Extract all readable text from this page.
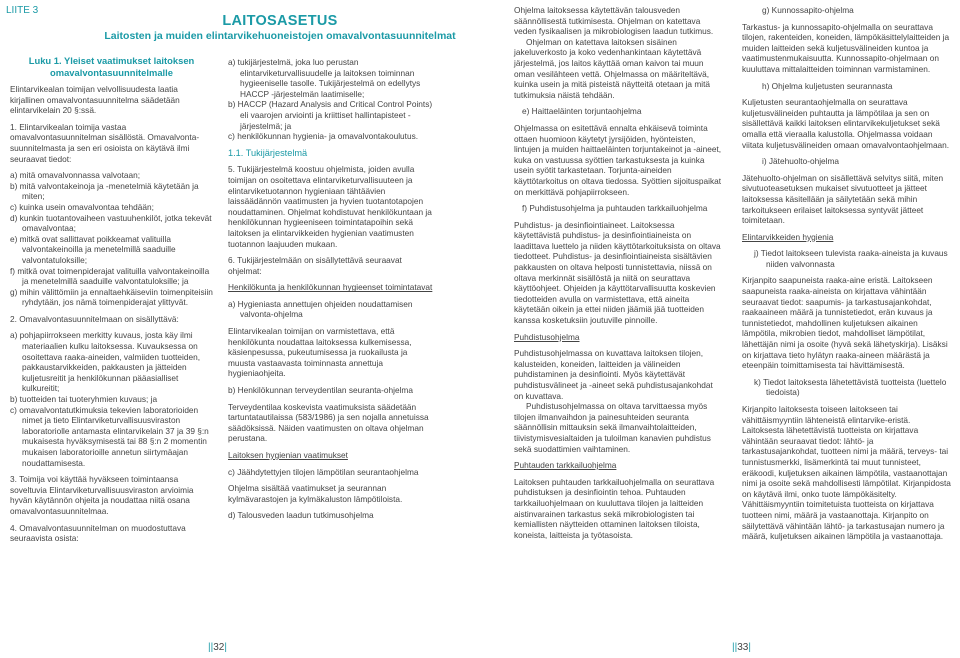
LIITE 3
LAITOSASETUS
Laitosten ja muiden elintarvikehuoneistojen omavalvontasuunnitelmat

Luku 1. Yleiset vaatimukset laitoksen omavalvontasuunnitelmalle

Elintarvikealan toimijan velvollisuudesta laatia kirjallinen omavalvontasuunnitelma säädetään elintarvikelain 20 §:ssä.

1. Elintarvikealan toimija vastaa omavalvontasuunnitelman sisällöstä. Omavalvonta-suunnitelmasta ja sen eri osioista on käytävä ilmi seuraavat tiedot:

a) mitä omavalvonnassa valvotaan;

b) mitä valvontakeinoja ja -menetelmiä käytetään ja miten;

c) kuinka usein omavalvontaa tehdään;

d) kunkin tuotantovaiheen vastuuhenkilöt, jotka tekevät omavalvontaa;

e) mitkä ovat sallittavat poikkeamat valituilla valvontakeinoilla ja menetelmillä saaduille valvontatuloksille;

f) mitkä ovat toimenpiderajat valituilla valvontakeinoilla ja menetelmillä saaduille valvontatuloksille; ja

g) mihin välittömiin ja ennaltaehkäiseviin toimenpiteisiin ryhdytään, jos nämä toimenpiderajat ylittyvät.

2. Omavalvontasuunnitelmaan on sisällyttävä:

a) pohjapiirrokseen merkitty kuvaus, josta käy ilmi materiaalien kulku laitoksessa. Kuvauksessa on osoitettava raaka-aineiden, valmiiden tuotteiden, pakkaustarvikkeiden, pakkausten ja jätteiden kuljetusreitit ja henkilökunnan pääasialliset kulkureitit;

b) tuotteiden tai tuoteryhmien kuvaus; ja

c) omavalvontatutkimuksia tekevien laboratorioiden nimet ja tieto Elintarviketurvallisuusviraston laboratoriolle antamasta elintarvikelain 37 ja 39 §:n mukaisesta hyväksymisestä tai 88 §:n 2 momentin mukaisen laboratorioille annetun siirtymäajan noudattamisesta.

3. Toimija voi käyttää hyväkseen toimintaansa soveltuvia Elintarviketurvallisuusviraston arvioimia hyvän käytännön ohjeita ja noudattaa niitä osana omavalvontasuunnitelmaa.

4. Omavalvontasuunnitelman on muodostuttava seuraavista osista:

a) tukijärjestelmä, joka luo perustan elintarviketurvallisuudelle ja laitoksen toiminnan hygieeniselle tasolle. Tukijärjestelmä on edellytys HACCP -järjestelmän laatimiselle;

b) HACCP (Hazard Analysis and Critical Control Points) eli vaarojen arviointi ja kriittiset hallintapisteet -järjestelmä; ja

c) henkilökunnan hygienia- ja omavalvontakoulutus.

1.1. Tukijärjestelmä

5. Tukijärjestelmä koostuu ohjelmista, joiden avulla toimijan on osoitettava elintarviketurvallisuuteen ja elintarviketuotannon hygieniaan tähtäävien laissäädännön vaatimusten ja hyvien tuotantotapojen noudattaminen. Ohjelmat kohdistuvat henkilökuntaan ja henkilökunnan hygieeniseen toimintatapoihin sekä laitoksen ja elintarvikkeiden hygienian vaatimusten tuotannon laajuuden mukaan.

6. Tukijärjestelmään on sisällytettävä seuraavat ohjelmat:

Henkilökunta ja henkilökunnan hygieenset toimintatavat

a) Hygieniasta annettujen ohjeiden noudattamisen valvonta-ohjelma

Elintarvikealan toimijan on varmistettava, että henkilökunta noudattaa laitoksessa kulkemisessa, käsienpesussa, pukeutumisessa ja ruokailusta ja muusta vastaavasta toiminnasta annettuja hygieniaohjeita.

b) Henkilökunnan terveydentilan seuranta-ohjelma

Terveydentilaa koskevista vaatimuksista säädetään tartuntatautilaissa (583/1986) ja sen nojalla annetuissa säädöksissä. Näiden vaatimusten on oltava ohjelman perustana.

Laitoksen hygienian vaatimukset

c) Jäähdytettyjen tilojen lämpötilan seurantaohjelma

Ohjelma sisältää vaatimukset ja seurannan kylmävarastojen ja kylmäkaluston lämpötiloista.

d) Talousveden laadun tutkimusohjelma

Ohjelma laitoksessa käytettävän talousveden säännöllisestä tutkimisesta. Ohjelman on katettava veden fysikaalisen ja mikrobiologisen laadun tutkimus.

Ohjelman on katettava laitoksen sisäinen jakeluverkosto ja koko vedenhankintaan käytettävä järjestelmä, jos laitos käyttää oman kaivon tai muun oman vesilähteen vettä. Ohjelmassa on määriteltävä, kuinka usein ja mitä pisteistä näytteitä otetaan ja mitä tutkimuksia näistä tehdään.

e) Haittaeläinten torjuntaohjelma

Ohjelmassa on esitettävä ennalta ehkäisevä toiminta ottaen huomioon käytetyt jyrsijöiden, hyönteisten, lintujen ja muiden haittaeläinten torjuntakeinot ja -aineet, kuka on vastuussa syöttien tarkastuksesta ja kuinka usein syötit tarkastetaan. Torjunta-aineiden käyttötarkoitus on oltava tiedossa. Syöttien sijoituspaikat on merkittävä pohjapiirrokseen.

f) Puhdistusohjelma ja puhtauden tarkkailuohjelma

Puhdistus- ja desinfiointiaineet. Laitoksessa käytettävistä puhdistus- ja desinfiointiaineista on laadittava luettelo ja niiden käyttötarkoituksista on oltava tiedotteet. Puhdistus- ja desinfiointiaineista sisältävien pakkausten on oltava helposti tunnistettavia, niissä on oltava merkinnät sisällöstä ja niitä on seurattava käyttöohjeet. Ohjeiden ja käyttötarvallisuutta koskevien tiedotteiden avulla on varmistettava, että aineita käytetään oikein ja ettei niiden jäämiä jää tuotteiden kanssa kosketuksiin joutuville pinnoille.

Puhdistusohjelma

Puhdistusohjelmassa on kuvattava laitoksen tilojen, kalusteiden, koneiden, laitteiden ja välineiden puhdistaminen ja desinfiointi. Myös käytettävät puhdistusvälineet ja -aineet sekä puhdistusajankohdat on kuvattava.

Puhdistusohjelmassa on oltava tarvittaessa myös tilojen ilmanvaihdon ja painesuhteiden seuranta säännöllisin mittauksin sekä ilmanvaihtolaitteiden, tiivistymisvesialtaiden ja tuloilman kanavien puhdistus sekä suodattimien vaihtaminen.

Puhtauden tarkkailuohjelma

Laitoksen puhtauden tarkkailuohjelmalla on seurattava puhdistuksen ja desinfiointin tehoa. Puhtauden tarkkailuohjelmaan on kuuluttava tilojen ja laitteiden aistinvarainen tarkastus sekä mikrobiologisten tai kemiallisten näytteiden ottaminen laitoksen tiloista, koneista, laitteista ja työtasoista.

g) Kunnossapito-ohjelma

Tarkastus- ja kunnossapito-ohjelmalla on seurattava tilojen, rakenteiden, koneiden, lämpökäsittelylaitteiden ja muiden laitteiden sekä kuljetusvälineiden kuntoa ja vaatimustenmukaisuutta. Kunnossapito-ohjelmaan on kuuluttava mittalaitteiden toiminnan varmistaminen.

h) Ohjelma kuljetusten seurannasta

Kuljetusten seurantaohjelmalla on seurattava kuljetusvälineiden puhtautta ja lämpötilaa ja sen on sisällettävä kaikki laitoksen elintarvikekuljetukset sekä omalla että vieraalla kalustolla. Ohjelmassa voidaan viitata kuljetusvälineiden omaan omavalvontaohjelmaan.

i) Jätehuolto-ohjelma

Jätehuolto-ohjelman on sisällettävä selvitys siitä, miten sivutuoteasetuksen mukaiset sivutuotteet ja jätteet laitoksessa käsitellään ja säilytetään sekä mihin tarkoitukseen erilaiset laitoksessa syntyvät jätteet toimitetaan.

Elintarvikkeiden hygienia

j) Tiedot laitokseen tulevista raaka-aineista ja kuvaus niiden valvonnasta

Kirjanpito saapuneista raaka-aine eristä. Laitokseen saapuneista raaka-aineista on kirjattava vähintään seuraavat tiedot: saapumis- ja tarkastusajankohdat, raakaaineen määrä ja tunnistetiedot, erän kuvaus ja tunnistetiedot, mahdollinen kuljetuksen aikainen lämpötila, mikrobien tiedot, mahdolliset lämpötilat, lähettäjän nimi ja osoite (hyvä sekä lähetyskirja). Lisäksi on kirjattava tieto hylätyn raaka-aineen määrästä ja eteenpäin toimittamisesta tai hävittämisestä.

k) Tiedot laitoksesta lähetettävistä tuotteista (luettelo tiedoista)

Kirjanpito laitoksesta toiseen laitokseen tai vähittäismyyntiin lähteneistä elintarvike-eristä. Laitoksesta lähetettävistä tuotteista on kirjattava vähintään seuraavat tiedot: lähtö- ja tarkastusajankohdat, tuotteen nimi ja määrä, terveys- tai tunnistusmerkki, lisämerkintä tai muut tunnisteet, eräkoodi, kuljetuksen aikainen lämpötila, vastaanottajan nimi ja osoite sekä mahdollisesti lämpötilat. Kirjanpidosta on käytävä ilmi, onko tuote lämpökäsitelty. Vähittäismyyntiin toimitetuista tuotteista on kirjattava tuotteen nimi, määrä ja vastaanottaja. Kirjanpito on säilytettävä vähintään lähtö- ja tarkastusajan numero ja määrä, kuljetuksen aikainen lämpötila ja vastaanottaja.

||32|	||33|
